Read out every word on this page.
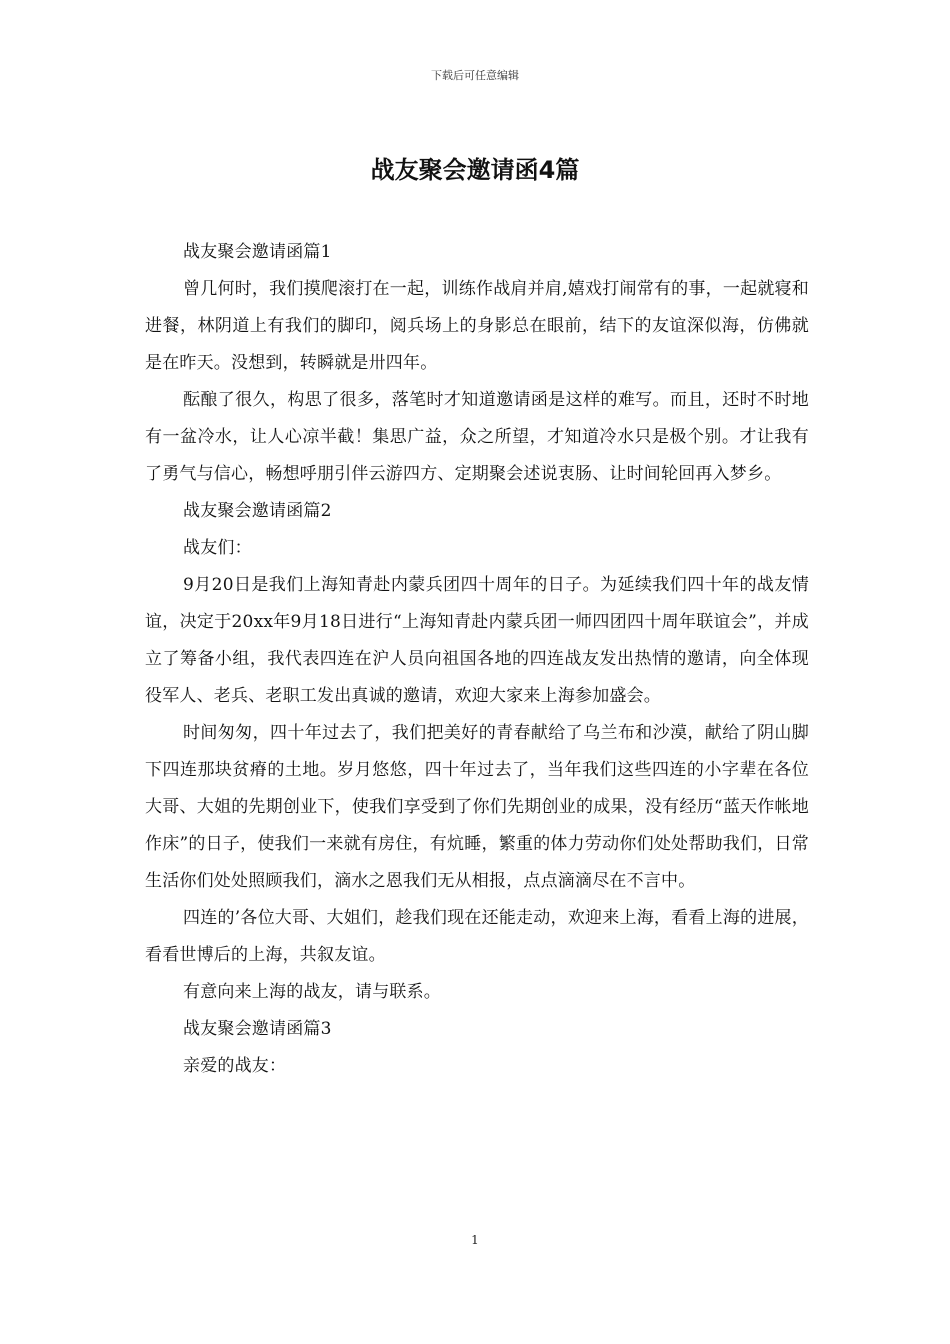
下载后可任意编辑
战友聚会邀请函4篇

战友聚会邀请函篇1

曾几何时，我们摸爬滚打在一起，训练作战肩并肩,嬉戏打闹常有的事，一起就寝和进餐，林阴道上有我们的脚印，阅兵场上的身影总在眼前，结下的友谊深似海，仿佛就是在昨天。没想到，转瞬就是卅四年。

酝酿了很久，构思了很多，落笔时才知道邀请函是这样的难写。而且，还时不时地有一盆冷水，让人心凉半截！集思广益，众之所望，才知道冷水只是极个别。才让我有了勇气与信心，畅想呼朋引伴云游四方、定期聚会述说衷肠、让时间轮回再入梦乡。

战友聚会邀请函篇2

战友们：

9月20日是我们上海知青赴内蒙兵团四十周年的日子。为延续我们四十年的战友情谊，决定于20xx年9月18日进行“上海知青赴内蒙兵团一师四团四十周年联谊会”，并成立了筹备小组，我代表四连在沪人员向祖国各地的四连战友发出热情的邀请，向全体现役军人、老兵、老职工发出真诚的邀请，欢迎大家来上海参加盛会。

时间匆匆，四十年过去了，我们把美好的青春献给了乌兰布和沙漠，献给了阴山脚下四连那块贫瘠的土地。岁月悠悠，四十年过去了，当年我们这些四连的小字辈在各位大哥、大姐的先期创业下，使我们享受到了你们先期创业的成果，没有经历“蓝天作帐地作床”的日子，使我们一来就有房住，有炕睡，繁重的体力劳动你们处处帮助我们，日常生活你们处处照顾我们，滴水之恩我们无从相报，点点滴滴尽在不言中。

四连的’各位大哥、大姐们，趁我们现在还能走动，欢迎来上海，看看上海的进展，看看世博后的上海，共叙友谊。

有意向来上海的战友，请与联系。

战友聚会邀请函篇3

亲爱的战友：

1
